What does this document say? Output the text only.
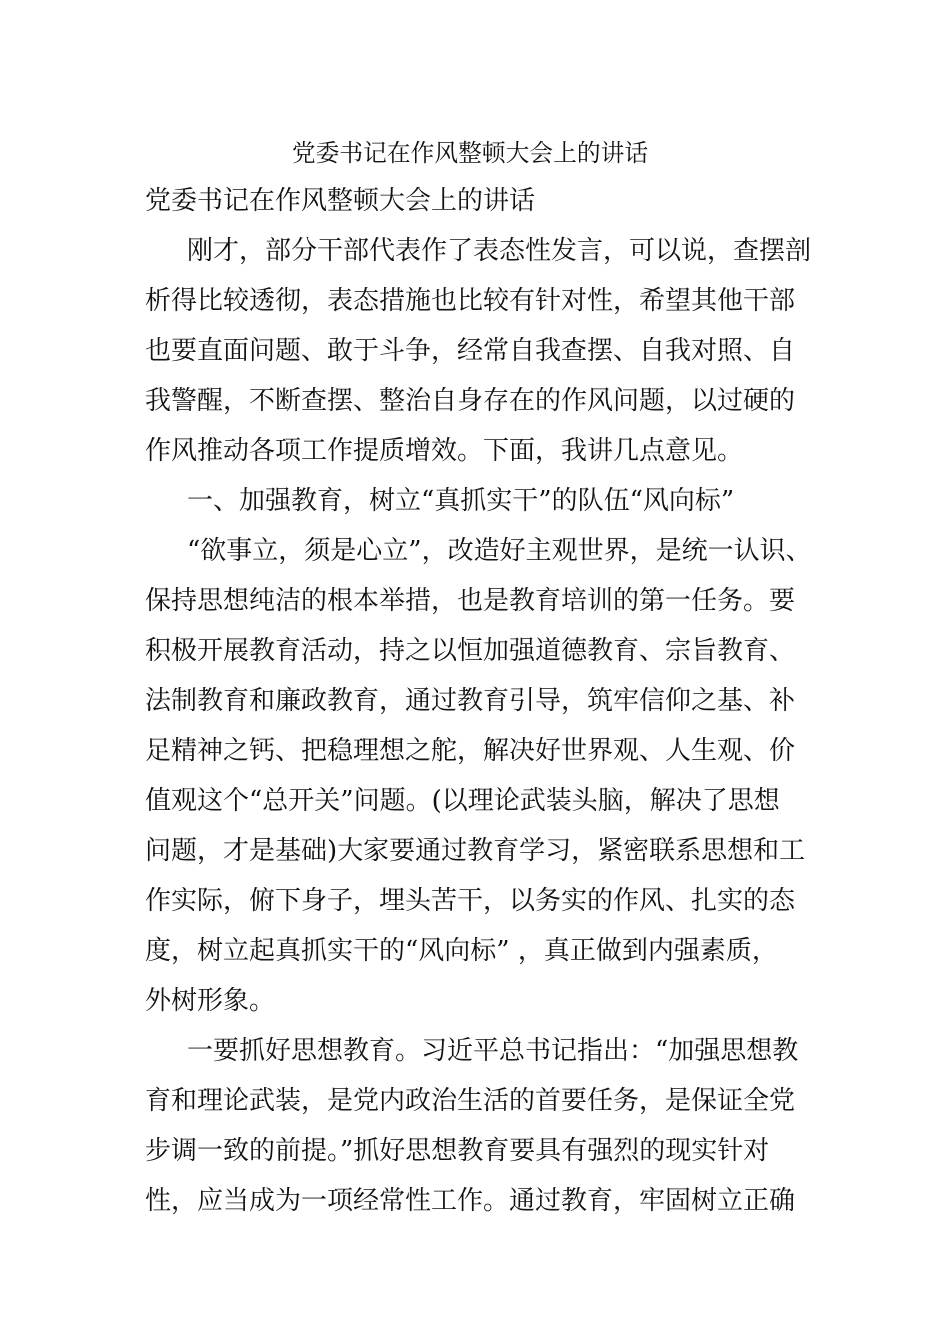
党委书记在作风整顿大会上的讲话
党委书记在作风整顿大会上的讲话
刚才，部分干部代表作了表态性发言，可以说，查摆剖
析得比较透彻，表态措施也比较有针对性，希望其他干部
也要直面问题、敢于斗争，经常自我查摆、自我对照、自
我警醒，不断查摆、整治自身存在的作风问题，以过硬的
作风推动各项工作提质增效。下面，我讲几点意见。
一、加强教育，树立“真抓实干”的队伍“风向标”
“欲事立，须是心立”，改造好主观世界，是统一认识、
保持思想纯洁的根本举措，也是教育培训的第一任务。要
积极开展教育活动，持之以恒加强道德教育、宗旨教育、
法制教育和廉政教育，通过教育引导，筑牢信仰之基、补
足精神之钙、把稳理想之舵，解决好世界观、人生观、价
值观这个“总开关”问题。(以理论武装头脑，解决了思想
问题，才是基础)大家要通过教育学习，紧密联系思想和工
作实际，俯下身子，埋头苦干，以务实的作风、扎实的态
度，树立起真抓实干的“风向标” ，真正做到内强素质，
外树形象。
一要抓好思想教育。习近平总书记指出：“加强思想教
育和理论武装，是党内政治生活的首要任务，是保证全党
步调一致的前提。”抓好思想教育要具有强烈的现实针对
性，应当成为一项经常性工作。通过教育，牢固树立正确
